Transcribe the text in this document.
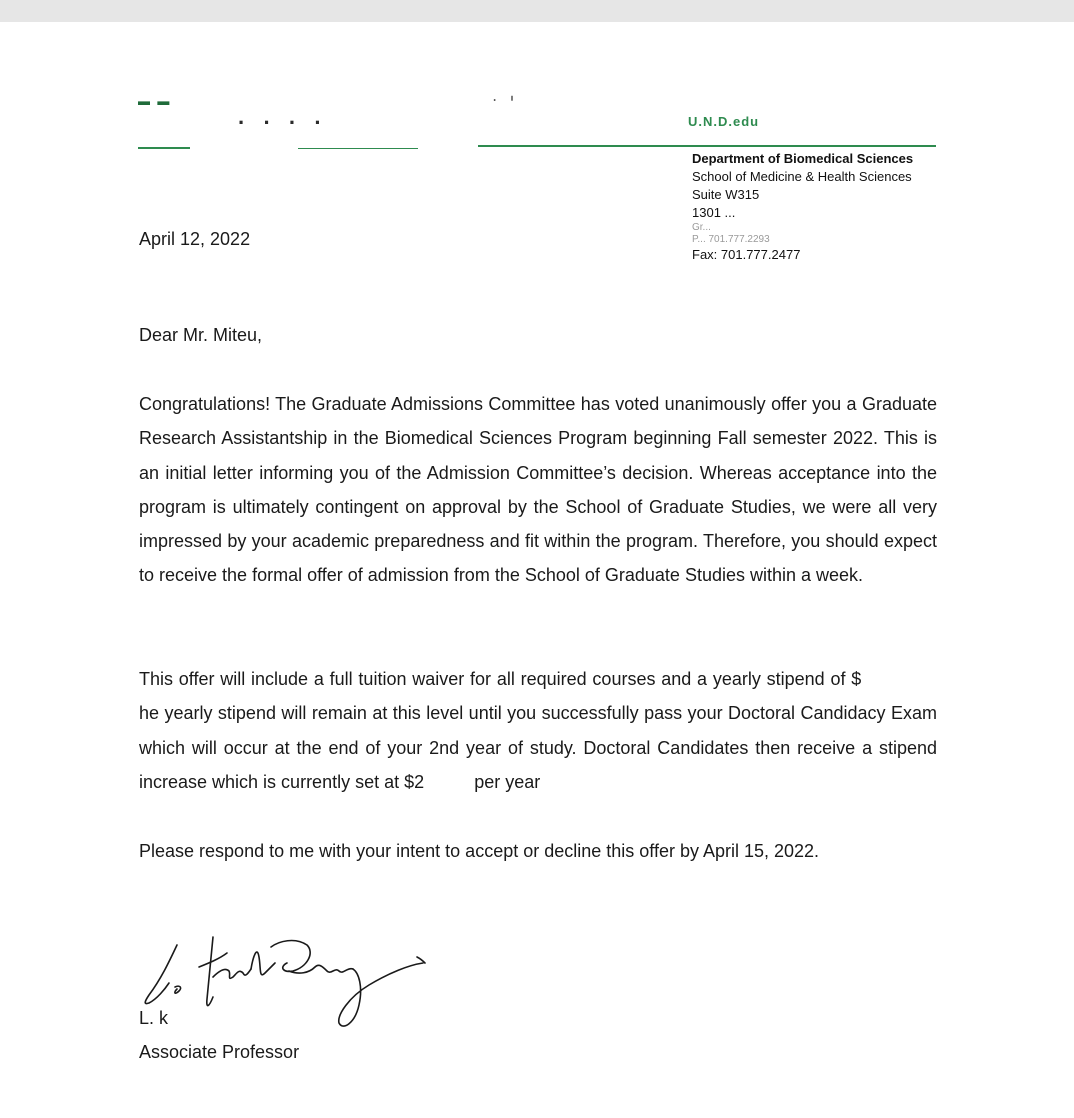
▬ ▬
· · · ·
ᐧ ᑊ
U.N.D.edu
Department of Biomedical Sciences
School of Medicine & Health Sciences
Suite W315
1301 ...
Gr...
P... 701.777.2293
Fax: 701.777.2477
April 12, 2022
Dear Mr. Miteu,
Congratulations! The Graduate Admissions Committee has voted unanimously offer you a Graduate Research Assistantship in the Biomedical Sciences Program beginning Fall semester 2022. This is an initial letter informing you of the Admission Committee’s decision. Whereas acceptance into the program is ultimately contingent on approval by the School of Graduate Studies, we were all very impressed by your academic preparedness and fit within the program. Therefore, you should expect to receive the formal offer of admission from the School of Graduate Studies within a week.
This offer will include a full tuition waiver for all required courses and a yearly stipend of $he yearly stipend will remain at this level until you successfully pass your Doctoral Candidacy Exam which will occur at the end of your 2nd year of study. Doctoral Candidates then receive a stipend increase which is currently set at $2	per year
Please respond to me with your intent to accept or decline this offer by April 15, 2022.
L. k
Associate Professor
